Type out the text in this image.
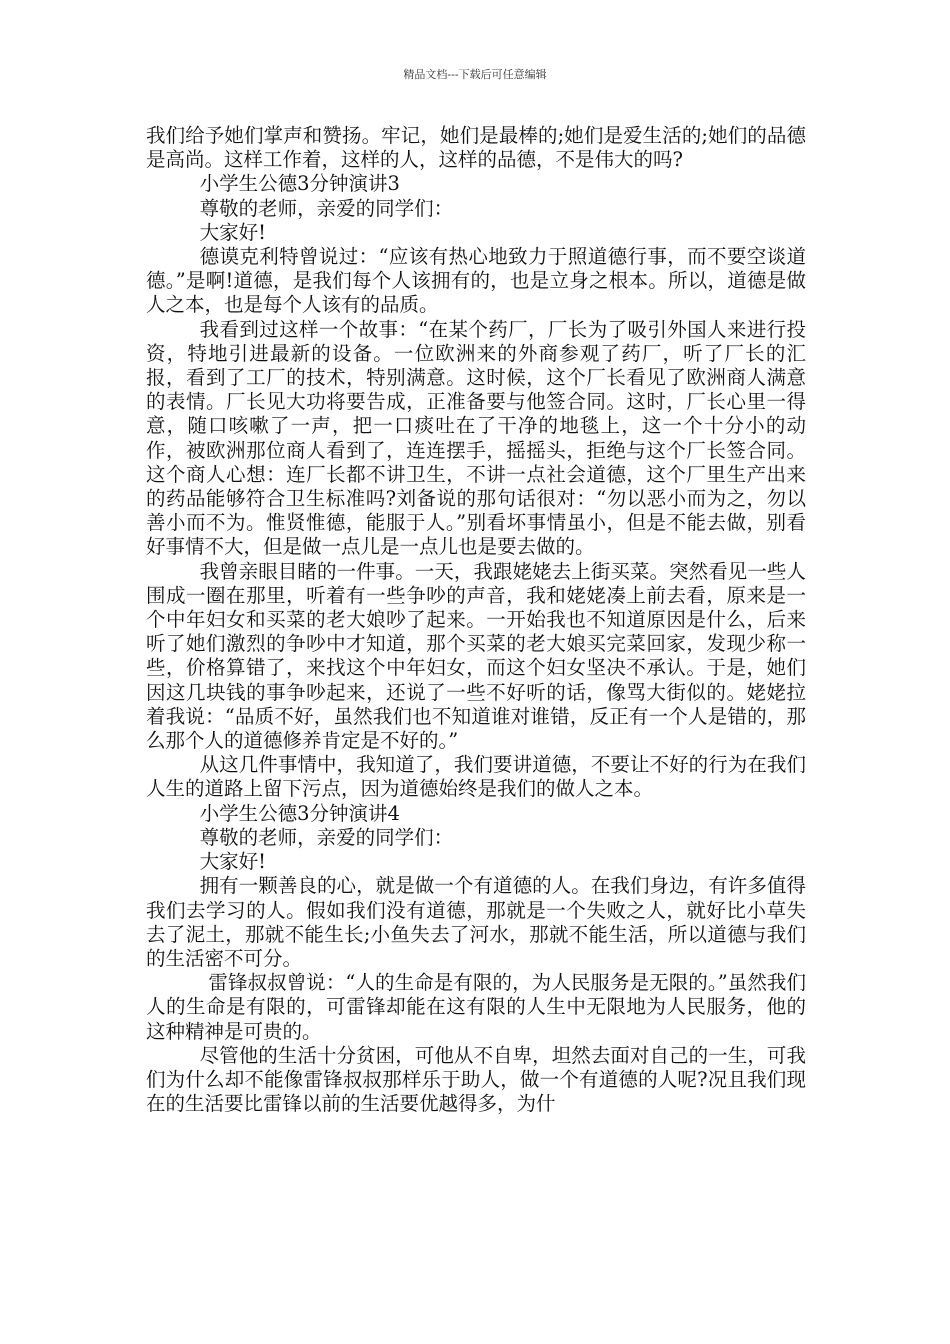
精品文档---下载后可任意编辑

我们给予她们掌声和赞扬。牢记，她们是最棒的;她们是爱生活的;她们的品德是高尚。这样工作着，这样的人，这样的品德，不是伟大的吗?

小学生公德3分钟演讲3

尊敬的老师，亲爱的同学们：

大家好!

德谟克利特曾说过：“应该有热心地致力于照道德行事，而不要空谈道德。”是啊!道德，是我们每个人该拥有的，也是立身之根本。所以，道德是做人之本，也是每个人该有的品质。

我看到过这样一个故事：“在某个药厂，厂长为了吸引外国人来进行投资，特地引进最新的设备。一位欧洲来的外商参观了药厂，听了厂长的汇报，看到了工厂的技术，特别满意。这时候，这个厂长看见了欧洲商人满意的表情。厂长见大功将要告成，正准备要与他签合同。这时，厂长心里一得意，随口咳嗽了一声，把一口痰吐在了干净的地毯上，这一个十分小的动作，被欧洲那位商人看到了，连连摆手，摇摇头，拒绝与这个厂长签合同。这个商人心想：连厂长都不讲卫生，不讲一点社会道德，这个厂里生产出来的药品能够符合卫生标准吗?刘备说的那句话很对：“勿以恶小而为之，勿以善小而不为。惟贤惟德，能服于人。”别看坏事情虽小，但是不能去做，别看好事情不大，但是做一点儿是一点儿也是要去做的。

我曾亲眼目睹的一件事。一天，我跟姥姥去上街买菜。突然看见一些人围成一圈在那里，听着有一些争吵的声音，我和姥姥凑上前去看，原来是一个中年妇女和买菜的老大娘吵了起来。一开始我也不知道原因是什么，后来听了她们激烈的争吵中才知道，那个买菜的老大娘买完菜回家，发现少称一些，价格算错了，来找这个中年妇女，而这个妇女坚决不承认。于是，她们因这几块钱的事争吵起来，还说了一些不好听的话，像骂大街似的。姥姥拉着我说：“品质不好，虽然我们也不知道谁对谁错，反正有一个人是错的，那么那个人的道德修养肯定是不好的。”

从这几件事情中，我知道了，我们要讲道德，不要让不好的行为在我们人生的道路上留下污点，因为道德始终是我们的做人之本。

小学生公德3分钟演讲4

尊敬的老师，亲爱的同学们：

大家好!

拥有一颗善良的心，就是做一个有道德的人。在我们身边，有许多值得我们去学习的人。假如我们没有道德，那就是一个失败之人，就好比小草失去了泥土，那就不能生长;小鱼失去了河水，那就不能生活，所以道德与我们的生活密不可分。

雷锋叔叔曾说：“人的生命是有限的，为人民服务是无限的。”虽然我们人的生命是有限的，可雷锋却能在这有限的人生中无限地为人民服务，他的这种精神是可贵的。

尽管他的生活十分贫困，可他从不自卑，坦然去面对自己的一生，可我们为什么却不能像雷锋叔叔那样乐于助人，做一个有道德的人呢?况且我们现在的生活要比雷锋以前的生活要优越得多，为什
